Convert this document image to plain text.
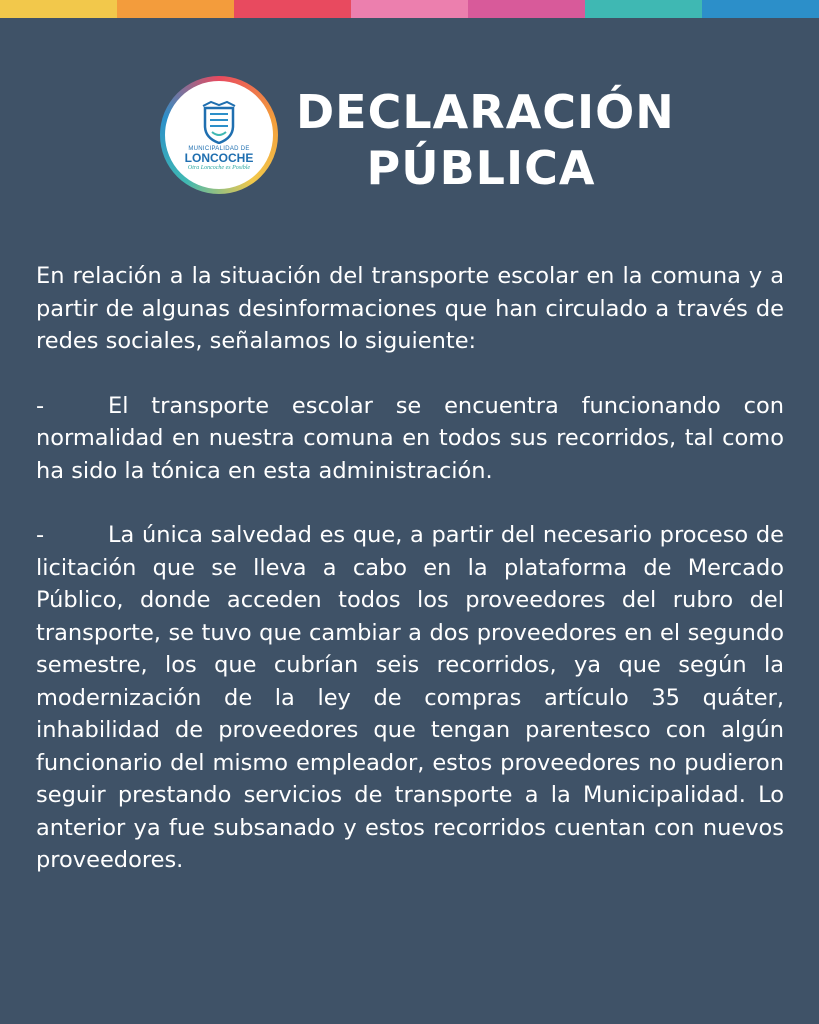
MUNICIPALIDAD DE
LONCOCHE
Otra Loncoche es Posible
DECLARACIÓN
PÚBLICA

En relación a la situación del transporte escolar en la comuna y a partir de algunas desinformaciones que han circulado a través de redes sociales, señalamos lo siguiente:

-	El transporte escolar se encuentra funcionando con normalidad en nuestra comuna en todos sus recorridos, tal como ha sido la tónica en esta administración.

-	La única salvedad es que, a partir del necesario proceso de licitación que se lleva a cabo en la plataforma de Mercado Público, donde acceden todos los proveedores del rubro del transporte, se tuvo que cambiar a dos proveedores en el segundo semestre, los que cubrían seis recorridos, ya que según la modernización de la ley de compras artículo 35 quáter, inhabilidad de proveedores que tengan parentesco con algún funcionario del mismo empleador, estos proveedores no pudieron seguir prestando servicios de transporte a la Municipalidad. Lo anterior ya fue subsanado y estos recorridos cuentan con nuevos proveedores.
